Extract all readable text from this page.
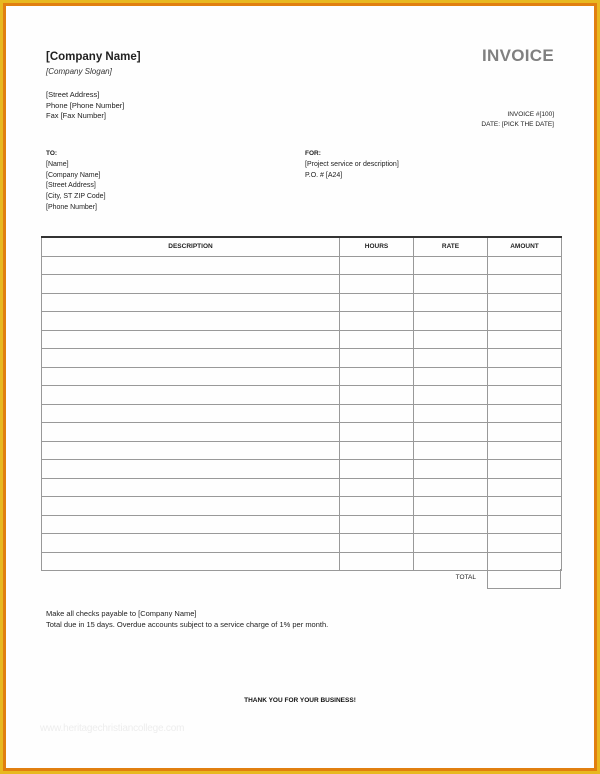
[Company Name]
[Company Slogan]
[Street Address]
Phone [Phone Number]
Fax [Fax Number]
INVOICE
INVOICE #[100]
DATE: [PICK THE DATE]
TO:
[Name]
[Company Name]
[Street Address]
[City, ST ZIP Code]
[Phone Number]
FOR:
[Project service or description]
P.O. # [A24]
DESCRIPTION	HOURS	RATE	AMOUNT

TOTAL
Make all checks payable to [Company Name]
Total due in 15 days. Overdue accounts subject to a service charge of 1% per month.
THANK YOU FOR YOUR BUSINESS!
www.heritagechristiancollege.com
